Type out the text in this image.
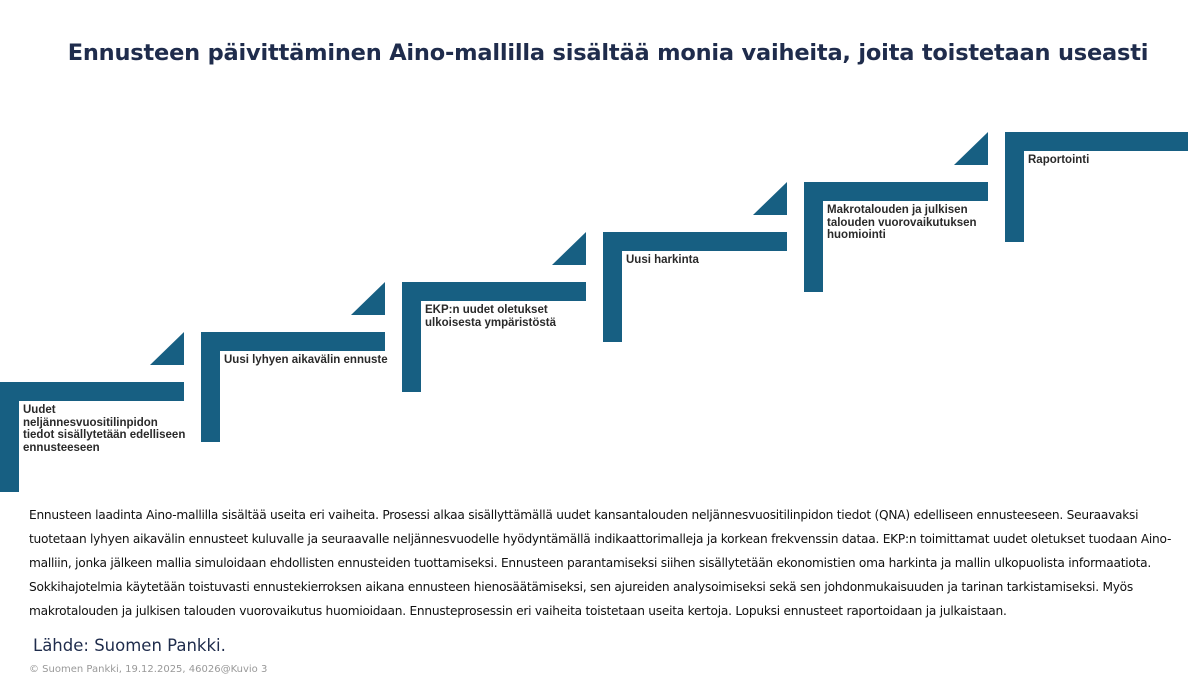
Ennusteen päivittäminen Aino-mallilla sisältää monia vaiheita, joita toistetaan useasti
Uudet neljännesvuositilinpidon tiedot sisällytetään edelliseen ennusteeseen
Uusi lyhyen aikavälin ennuste
EKP:n uudet oletukset ulkoisesta ympäristöstä
Uusi harkinta
Makrotalouden ja julkisen talouden vuorovaikutuksen huomiointi
Raportointi
Ennusteen laadinta Aino-mallilla sisältää useita eri vaiheita. Prosessi alkaa sisällyttämällä uudet kansantalouden neljännesvuositilinpidon tiedot (QNA) edelliseen ennusteeseen. Seuraavaksi tuotetaan lyhyen aikavälin ennusteet kuluvalle ja seuraavalle neljännesvuodelle hyödyntämällä indikaattorimalleja ja korkean frekvenssin dataa. EKP:n toimittamat uudet oletukset tuodaan Aino-malliin, jonka jälkeen mallia simuloidaan ehdollisten ennusteiden tuottamiseksi. Ennusteen parantamiseksi siihen sisällytetään ekonomistien oma harkinta ja mallin ulkopuolista informaatiota. Sokkihajotelmia käytetään toistuvasti ennustekierroksen aikana ennusteen hienosäätämiseksi, sen ajureiden analysoimiseksi sekä sen johdonmukaisuuden ja tarinan tarkistamiseksi. Myös makrotalouden ja julkisen talouden vuorovaikutus huomioidaan. Ennusteprosessin eri vaiheita toistetaan useita kertoja. Lopuksi ennusteet raportoidaan ja julkaistaan.
Lähde: Suomen Pankki.
© Suomen Pankki, 19.12.2025, 46026@Kuvio 3
